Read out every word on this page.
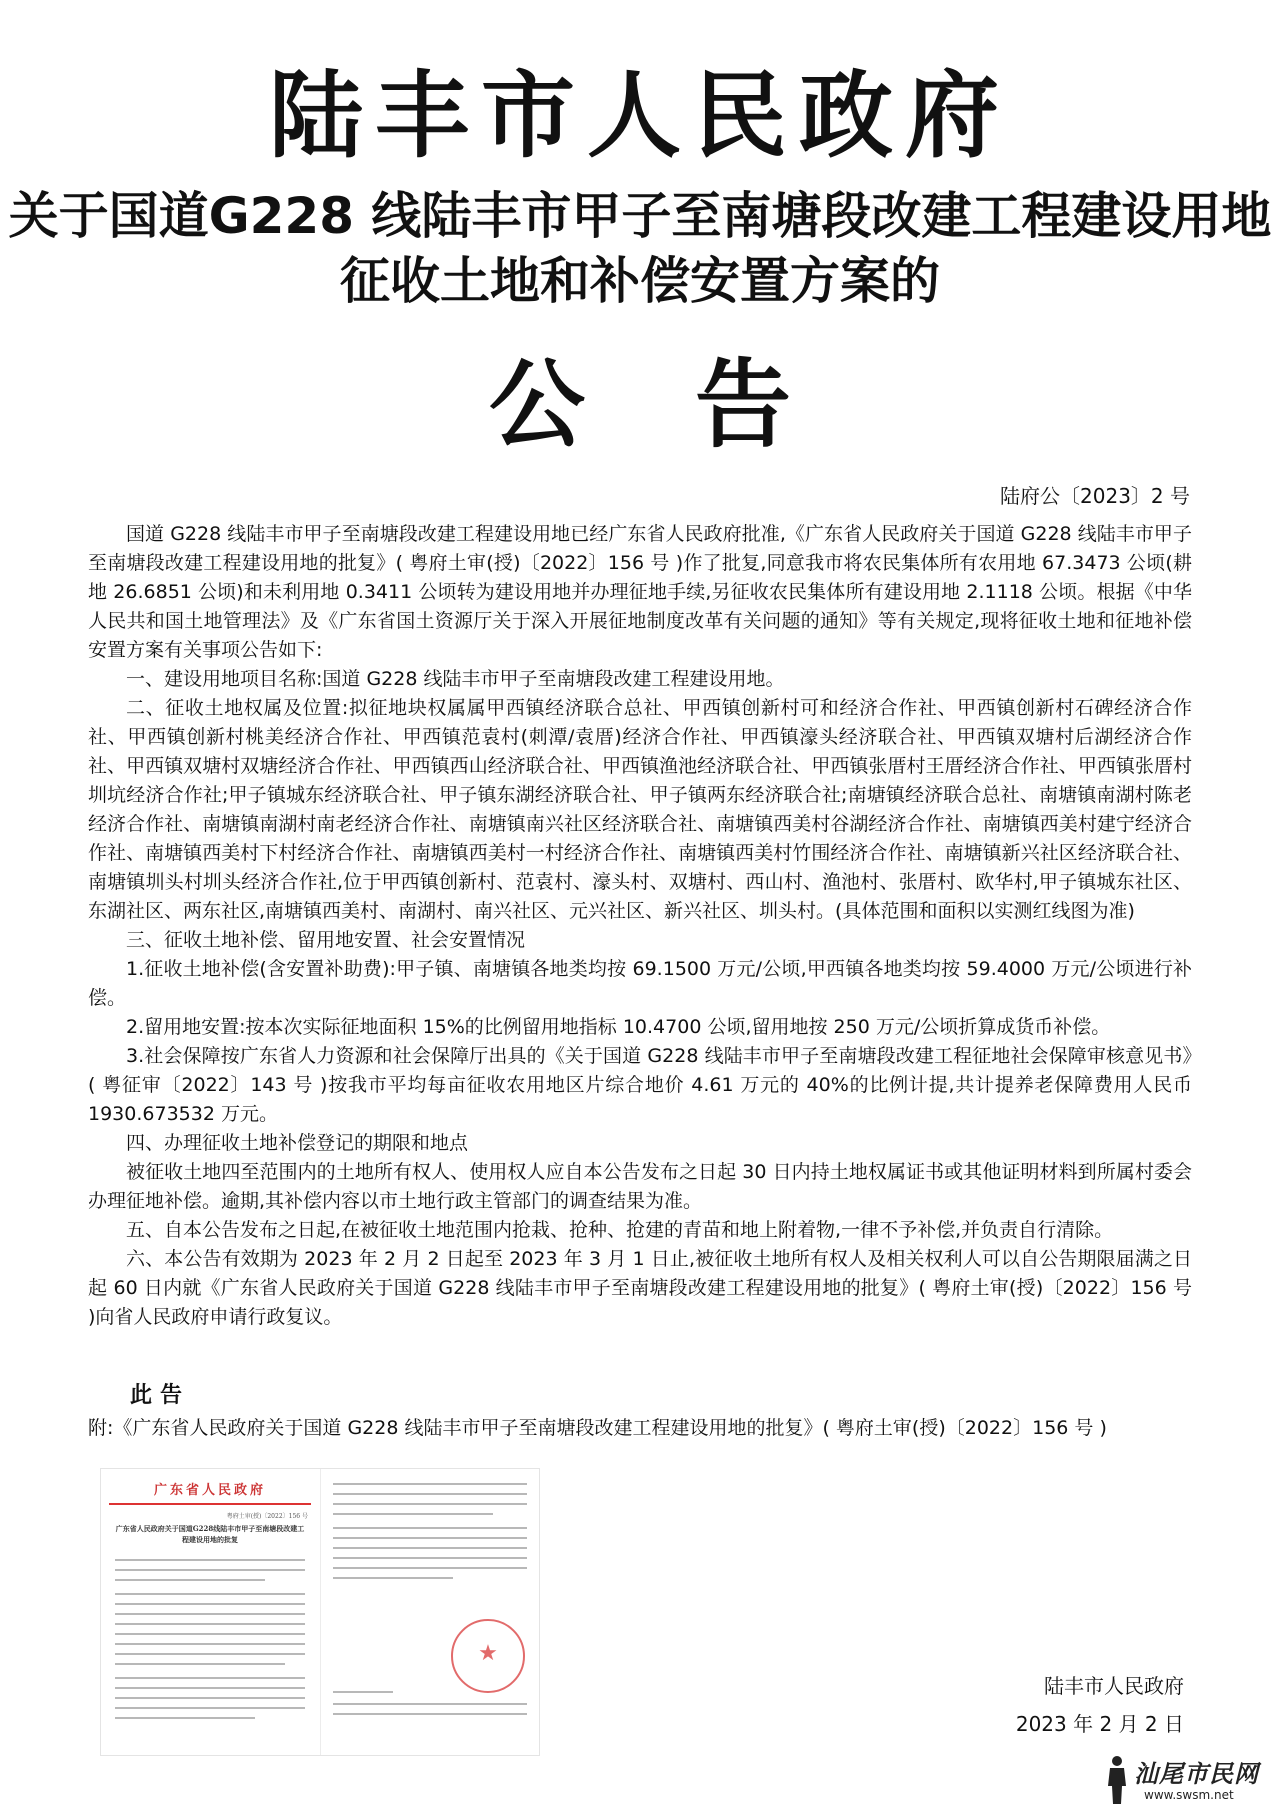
陆丰市人民政府
关于国道G228 线陆丰市甲子至南塘段改建工程建设用地
征收土地和补偿安置方案的
公告
陆府公〔2023〕2 号

国道 G228 线陆丰市甲子至南塘段改建工程建设用地已经广东省人民政府批准,《广东省人民政府关于国道 G228 线陆丰市甲子至南塘段改建工程建设用地的批复》( 粤府土审(授)〔2022〕156 号 )作了批复,同意我市将农民集体所有农用地 67.3473 公顷(耕地 26.6851 公顷)和未利用地 0.3411 公顷转为建设用地并办理征地手续,另征收农民集体所有建设用地 2.1118 公顷。根据《中华人民共和国土地管理法》及《广东省国土资源厅关于深入开展征地制度改革有关问题的通知》等有关规定,现将征收土地和征地补偿安置方案有关事项公告如下:

一、建设用地项目名称:国道 G228 线陆丰市甲子至南塘段改建工程建设用地。

二、征收土地权属及位置:拟征地块权属属甲西镇经济联合总社、甲西镇创新村可和经济合作社、甲西镇创新村石碑经济合作社、甲西镇创新村桃美经济合作社、甲西镇范袁村(刺潭/袁厝)经济合作社、甲西镇濠头经济联合社、甲西镇双塘村后湖经济合作社、甲西镇双塘村双塘经济合作社、甲西镇西山经济联合社、甲西镇渔池经济联合社、甲西镇张厝村王厝经济合作社、甲西镇张厝村圳坑经济合作社;甲子镇城东经济联合社、甲子镇东湖经济联合社、甲子镇两东经济联合社;南塘镇经济联合总社、南塘镇南湖村陈老经济合作社、南塘镇南湖村南老经济合作社、南塘镇南兴社区经济联合社、南塘镇西美村谷湖经济合作社、南塘镇西美村建宁经济合作社、南塘镇西美村下村经济合作社、南塘镇西美村一村经济合作社、南塘镇西美村竹围经济合作社、南塘镇新兴社区经济联合社、南塘镇圳头村圳头经济合作社,位于甲西镇创新村、范袁村、濠头村、双塘村、西山村、渔池村、张厝村、欧华村,甲子镇城东社区、东湖社区、两东社区,南塘镇西美村、南湖村、南兴社区、元兴社区、新兴社区、圳头村。(具体范围和面积以实测红线图为准)

三、征收土地补偿、留用地安置、社会安置情况

1.征收土地补偿(含安置补助费):甲子镇、南塘镇各地类均按 69.1500 万元/公顷,甲西镇各地类均按 59.4000 万元/公顷进行补偿。

2.留用地安置:按本次实际征地面积 15%的比例留用地指标 10.4700 公顷,留用地按 250 万元/公顷折算成货币补偿。

3.社会保障按广东省人力资源和社会保障厅出具的《关于国道 G228 线陆丰市甲子至南塘段改建工程征地社会保障审核意见书》( 粤征审〔2022〕143 号 )按我市平均每亩征收农用地区片综合地价 4.61 万元的 40%的比例计提,共计提养老保障费用人民币 1930.673532 万元。

四、办理征收土地补偿登记的期限和地点

被征收土地四至范围内的土地所有权人、使用权人应自本公告发布之日起 30 日内持土地权属证书或其他证明材料到所属村委会办理征地补偿。逾期,其补偿内容以市土地行政主管部门的调查结果为准。

五、自本公告发布之日起,在被征收土地范围内抢栽、抢种、抢建的青苗和地上附着物,一律不予补偿,并负责自行清除。

六、本公告有效期为 2023 年 2 月 2 日起至 2023 年 3 月 1 日止,被征收土地所有权人及相关权利人可以自公告期限届满之日起 60 日内就《广东省人民政府关于国道 G228 线陆丰市甲子至南塘段改建工程建设用地的批复》( 粤府土审(授)〔2022〕156 号 )向省人民政府申请行政复议。

此告
附:《广东省人民政府关于国道 G228 线陆丰市甲子至南塘段改建工程建设用地的批复》( 粤府土审(授)〔2022〕156 号 )
广东省人民政府
粤府土审(授)〔2022〕156 号
广东省人民政府关于国道G228线陆丰市甲子至南塘段改建工程建设用地的批复
★
陆丰市人民政府
2023 年 2 月 2 日
汕尾市民网
www.swsm.net
